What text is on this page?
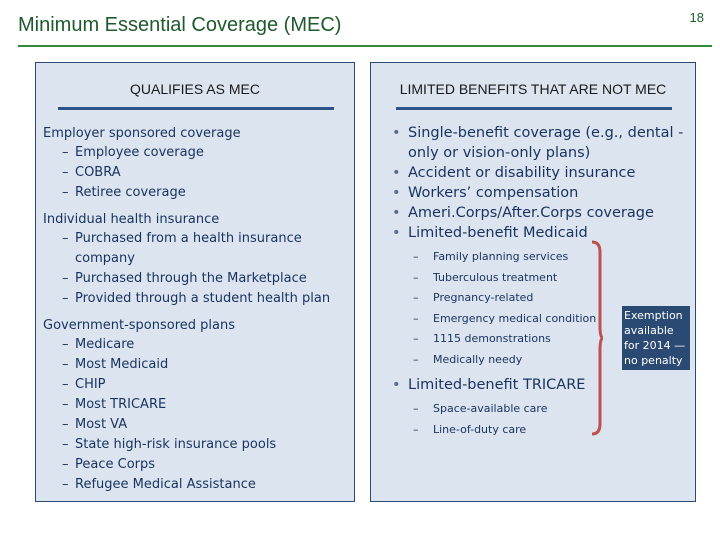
Minimum Essential Coverage (MEC)	18
QUALIFIES AS MEC
Employer sponsored coverage
– Employee coverage
– COBRA
– Retiree coverage
Individual health insurance
– Purchased from a health insurance company
– Purchased through the Marketplace
– Provided through a student health plan
Government-sponsored plans
– Medicare
– Most Medicaid
– CHIP
– Most TRICARE
– Most VA
– State high-risk insurance pools
– Peace Corps
– Refugee Medical Assistance
LIMITED BENEFITS THAT ARE NOT MEC
• Single-benefit coverage (e.g., dental -only or vision-only plans)
• Accident or disability insurance
• Workers’ compensation
• Ameri.Corps/After.Corps coverage
• Limited-benefit Medicaid
– Family planning services
– Tuberculous treatment
– Pregnancy-related
– Emergency medical condition
– 1115 demonstrations
– Medically needy
• Limited-benefit TRICARE
– Space-available care
– Line-of-duty care
Exemption available for 2014 — no penalty
